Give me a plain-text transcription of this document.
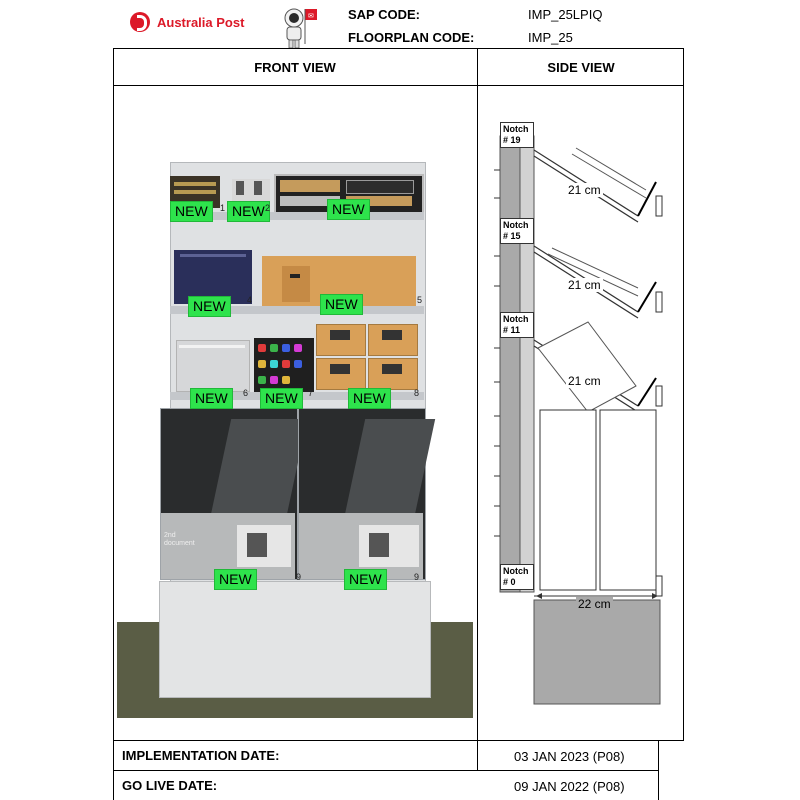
Australia Post	✉	SAP CODE:	IMP_25LPIQ
FLOORPLAN CODE:	IMP_25
FRONT VIEW	SIDE VIEW
2nd
document
NEW	NEW	NEW
NEW	NEW
NEW	NEW	NEW
NEW	NEW
1	2	3
4	5
6	7	8
9	9
Notch
# 19
Notch
# 15
Notch
# 11
Notch
# 0
21 cm
21 cm
21 cm
22 cm
IMPLEMENTATION DATE:	03 JAN 2023 (P08)
GO LIVE DATE:	09 JAN 2022 (P08)
